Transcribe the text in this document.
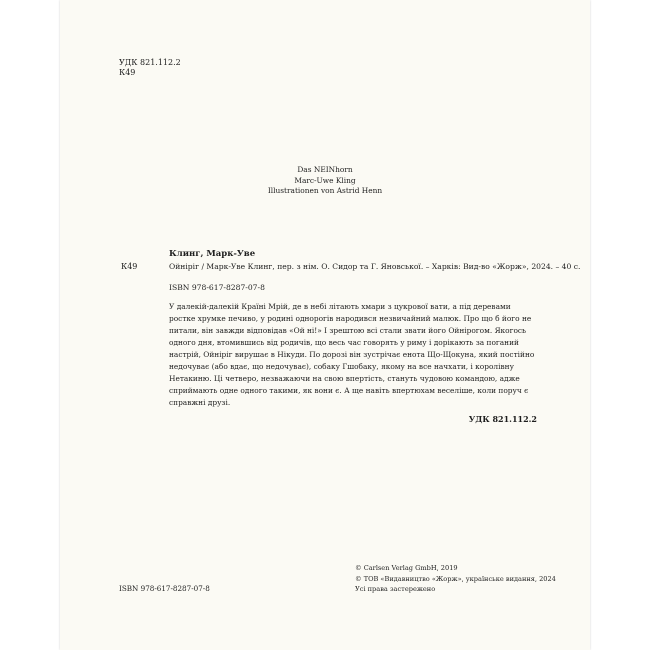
УДК 821.112.2
К49
Das NEINhorn
Marc-Uwe Kling
Illustrationen von Astrid Henn
Клинг, Марк-Уве
К49	Ойніріг / Марк-Уве Клинг, пер. з нім. О. Сидор та Г. Яновської. – Харків: Вид-во «Жорж», 2024. – 40 с.
ISBN 978-617-8287-07-8

У далекій-далекій Країні Мрій, де в небі літають хмари з цукрової вати, а під деревами ростке хрумке печиво, у родині однорогів народився незвичайний малюк. Про що б його не питали, він завжди відповідав «Ой ні!» І зрештою всі стали звати його Ойнірогом. Якогось одного дня, втомившись від родичів, що весь час говорять у риму і дорікають за поганий настрій, Ойніріг вирушає в Нікуди. По дорозі він зустрічає енота Що-Щокуна, який постійно недочуває (або вдає, що недочуває), собаку Гшобаку, якому на все начхати, і королівну Нетакиню. Ці четверо, незважаючи на свою впертість, стануть чудовою командою, адже сприймають одне одного такими, як вони є. А ще навіть впертюхам веселіше, коли поруч є справжні друзі.

УДК 821.112.2
ISBN 978-617-8287-07-8
© Carlsen Verlag GmbH, 2019
© ТОВ «Видавництво «Жорж», українське видання, 2024
Усі права застережено
